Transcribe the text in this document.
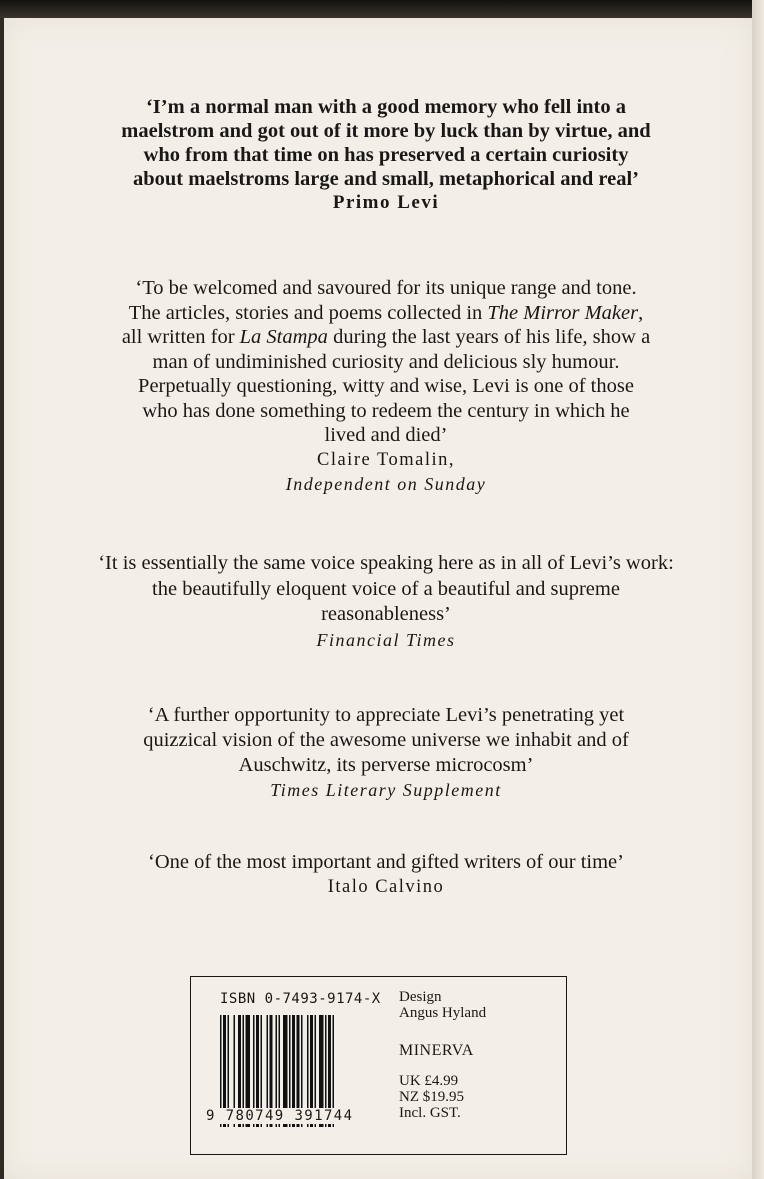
‘I’m a normal man with a good memory who fell into a
maelstrom and got out of it more by luck than by virtue, and
who from that time on has preserved a certain curiosity
about maelstroms large and small, metaphorical and real’
Primo Levi
‘To be welcomed and savoured for its unique range and tone.
The articles, stories and poems collected in The Mirror Maker,
all written for La Stampa during the last years of his life, show a
man of undiminished curiosity and delicious sly humour.
Perpetually questioning, witty and wise, Levi is one of those
who has done something to redeem the century in which he
lived and died’
Claire Tomalin,
Independent on Sunday
‘It is essentially the same voice speaking here as in all of Levi’s work:
the beautifully eloquent voice of a beautiful and supreme
reasonableness’
Financial Times
‘A further opportunity to appreciate Levi’s penetrating yet
quizzical vision of the awesome universe we inhabit and of
Auschwitz, its perverse microcosm’
Times Literary Supplement
‘One of the most important and gifted writers of our time’
Italo Calvino
ISBN 0-7493-9174-X
9 780749 391744
Design
Angus Hyland
MINERVA
UK £4.99
NZ $19.95
Incl. GST.
